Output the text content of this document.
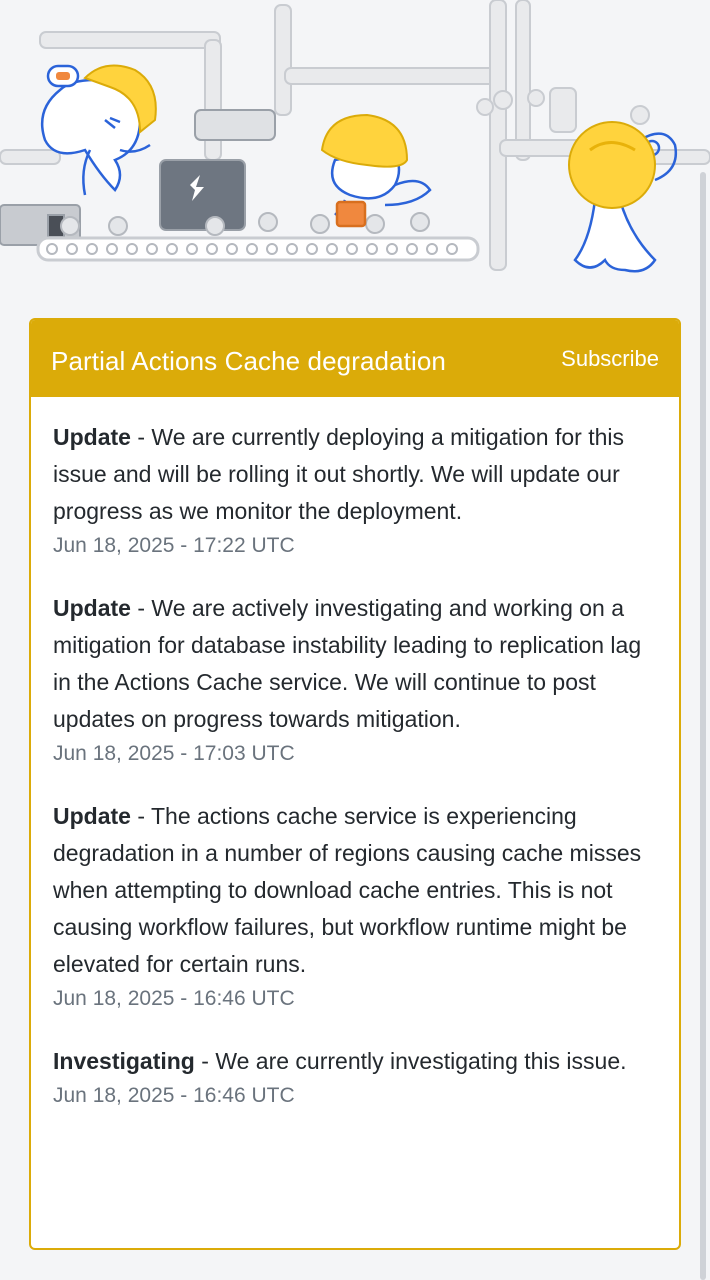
Partial Actions Cache degradation	Subscribe
Update - We are currently deploying a mitigation for this issue and will be rolling it out shortly. We will update our progress as we monitor the deployment.
Jun 18, 2025 - 17:22 UTC
Update - We are actively investigating and working on a mitigation for database instability leading to replication lag in the Actions Cache service. We will continue to post updates on progress towards mitigation.
Jun 18, 2025 - 17:03 UTC
Update - The actions cache service is experiencing degradation in a number of regions causing cache misses when attempting to download cache entries. This is not causing workflow failures, but workflow runtime might be elevated for certain runs.
Jun 18, 2025 - 16:46 UTC
Investigating - We are currently investigating this issue.
Jun 18, 2025 - 16:46 UTC
